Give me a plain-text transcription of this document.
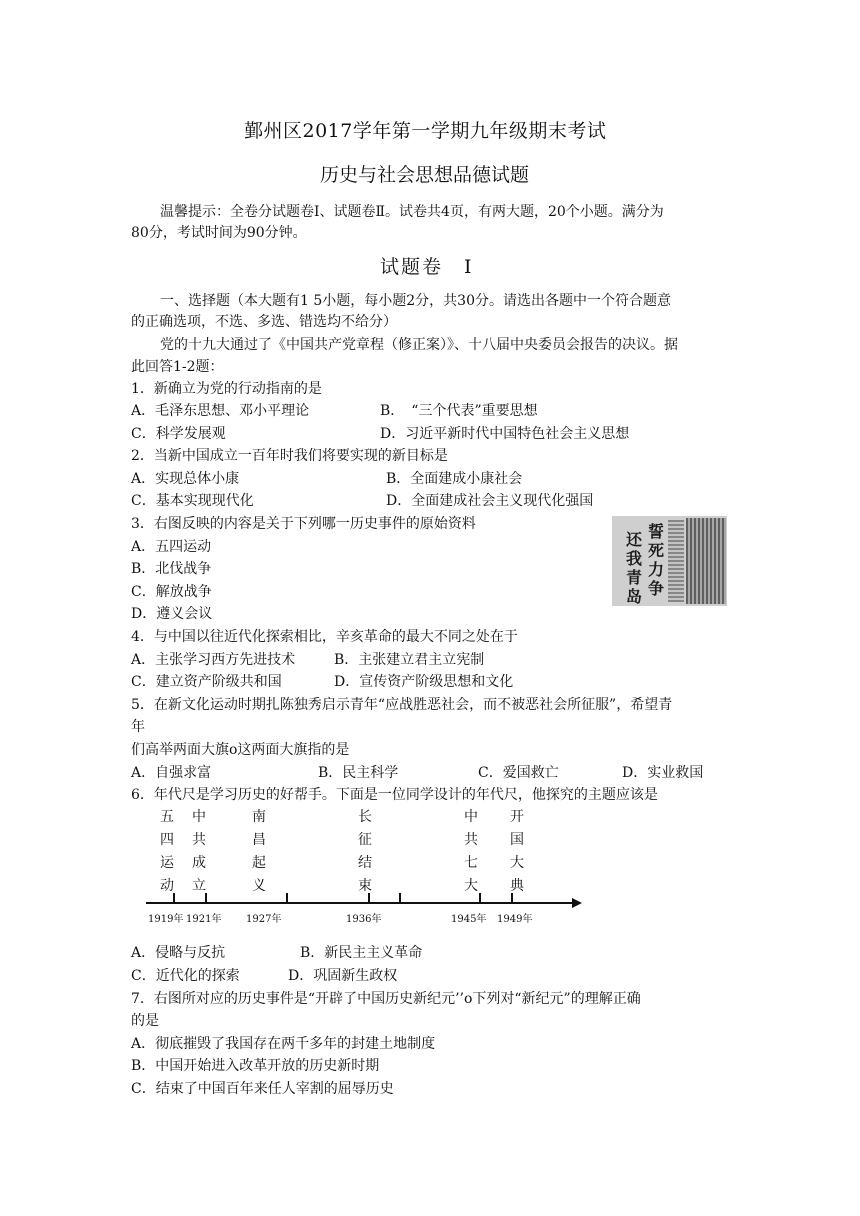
鄞州区2017学年第一学期九年级期末考试
历史与社会思想品德试题
温馨提示：全卷分试题卷Ⅰ、试题卷Ⅱ。试卷共4页，有两大题，20个小题。满分为
80分，考试时间为90分钟。
试题卷　Ⅰ
一、选择题（本大题有1 5小题，每小题2分，共30分。请选出各题中一个符合题意
的正确选项，不选、多选、错选均不给分）
党的十九大通过了《中国共产党章程（修正案）》、十八届中央委员会报告的决议。据
此回答1-2题：
1．新确立为党的行动指南的是
A．毛泽东思想、邓小平理论	B．　“三个代表”重要思想
C．科学发展观	D．习近平新时代中国特色社会主义思想
2．当新中国成立一百年时我们将要实现的新目标是
A．实现总体小康	B．全面建成小康社会
C．基本实现现代化	D．全面建成社会主义现代化强国
3．右图反映的内容是关于下列哪一历史事件的原始资料
A．五四运动
B．北伐战争
C．解放战争
D．遵义会议
誓死力争
还我青岛
4．与中国以往近代化探索相比，辛亥革命的最大不同之处在于
A．主张学习西方先进技术	B．主张建立君主立宪制
C．建立资产阶级共和国	D．宣传资产阶级思想和文化
5．在新文化运动时期扎陈独秀启示青年“应战胜恶社会，而不被恶社会所征服”，希望青
年
们高举两面大旗o这两面大旗指的是
A．自强求富	B．民主科学	C．爱国救亡	D．实业救国
6．年代尺是学习历史的好帮手。下面是一位同学设计的年代尺，他探究的主题应该是
五四运动
中共成立
南昌起义
长征结束
中共七大
开国大典
1919年 1921年 1927年	1936年	1945年 1949年
A．侵略与反抗	B．新民主主义革命
C．近代化的探索	D．巩固新生政权
7．右图所对应的历史事件是“开辟了中国历史新纪元’’o下列对“新纪元”的理解正确
的是
A．彻底摧毁了我国存在两千多年的封建土地制度
B．中国开始进入改革开放的历史新时期
C．结束了中国百年来任人宰割的屈辱历史
